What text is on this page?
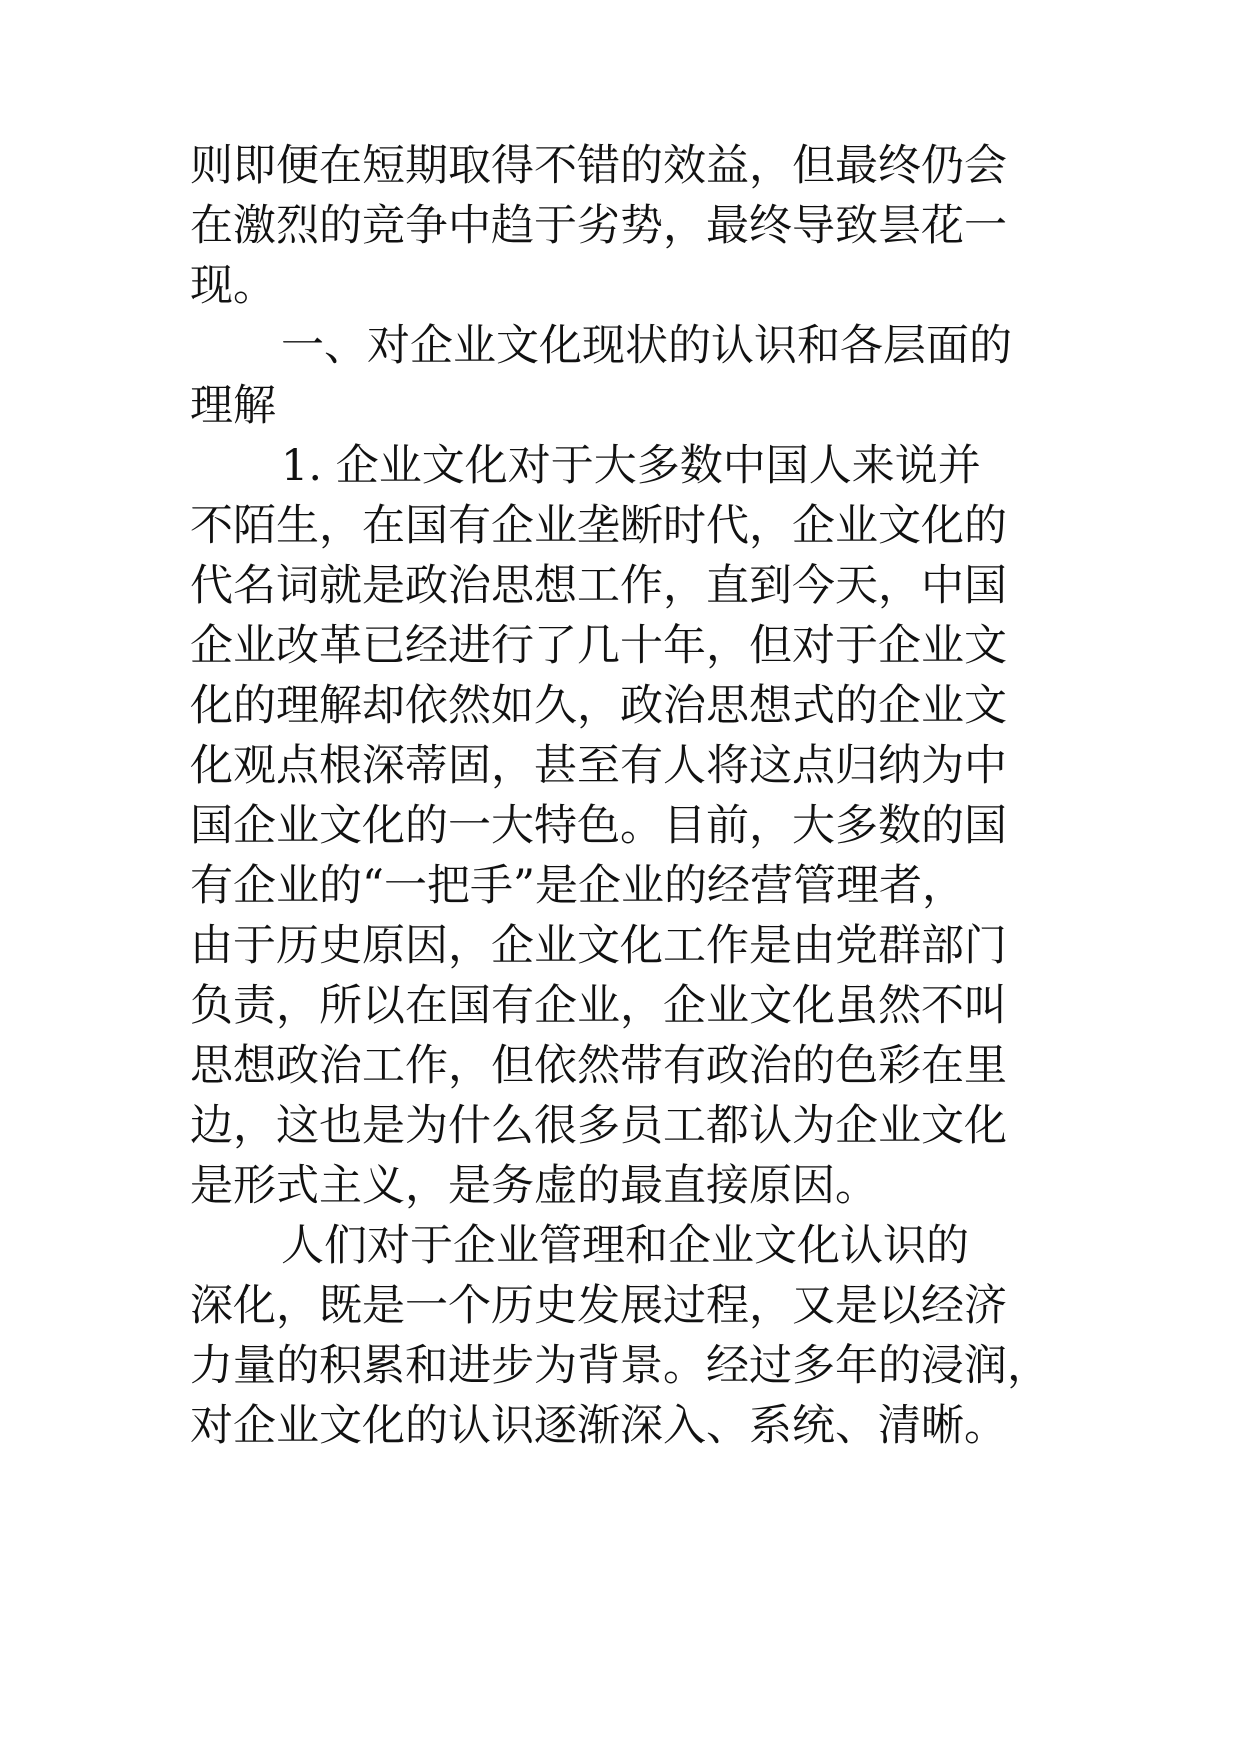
则即便在短期取得不错的效益，但最终仍会
在激烈的竞争中趋于劣势，最终导致昙花一
现。
一、对企业文化现状的认识和各层面的
理解
1. 企业文化对于大多数中国人来说并
不陌生，在国有企业垄断时代，企业文化的
代名词就是政治思想工作，直到今天，中国
企业改革已经进行了几十年，但对于企业文
化的理解却依然如久，政治思想式的企业文
化观点根深蒂固，甚至有人将这点归纳为中
国企业文化的一大特色。目前，大多数的国
有企业的“一把手”是企业的经营管理者，
由于历史原因，企业文化工作是由党群部门
负责，所以在国有企业，企业文化虽然不叫
思想政治工作，但依然带有政治的色彩在里
边，这也是为什么很多员工都认为企业文化
是形式主义，是务虚的最直接原因。
人们对于企业管理和企业文化认识的
深化，既是一个历史发展过程，又是以经济
力量的积累和进步为背景。经过多年的浸润，
对企业文化的认识逐渐深入、系统、清晰。
